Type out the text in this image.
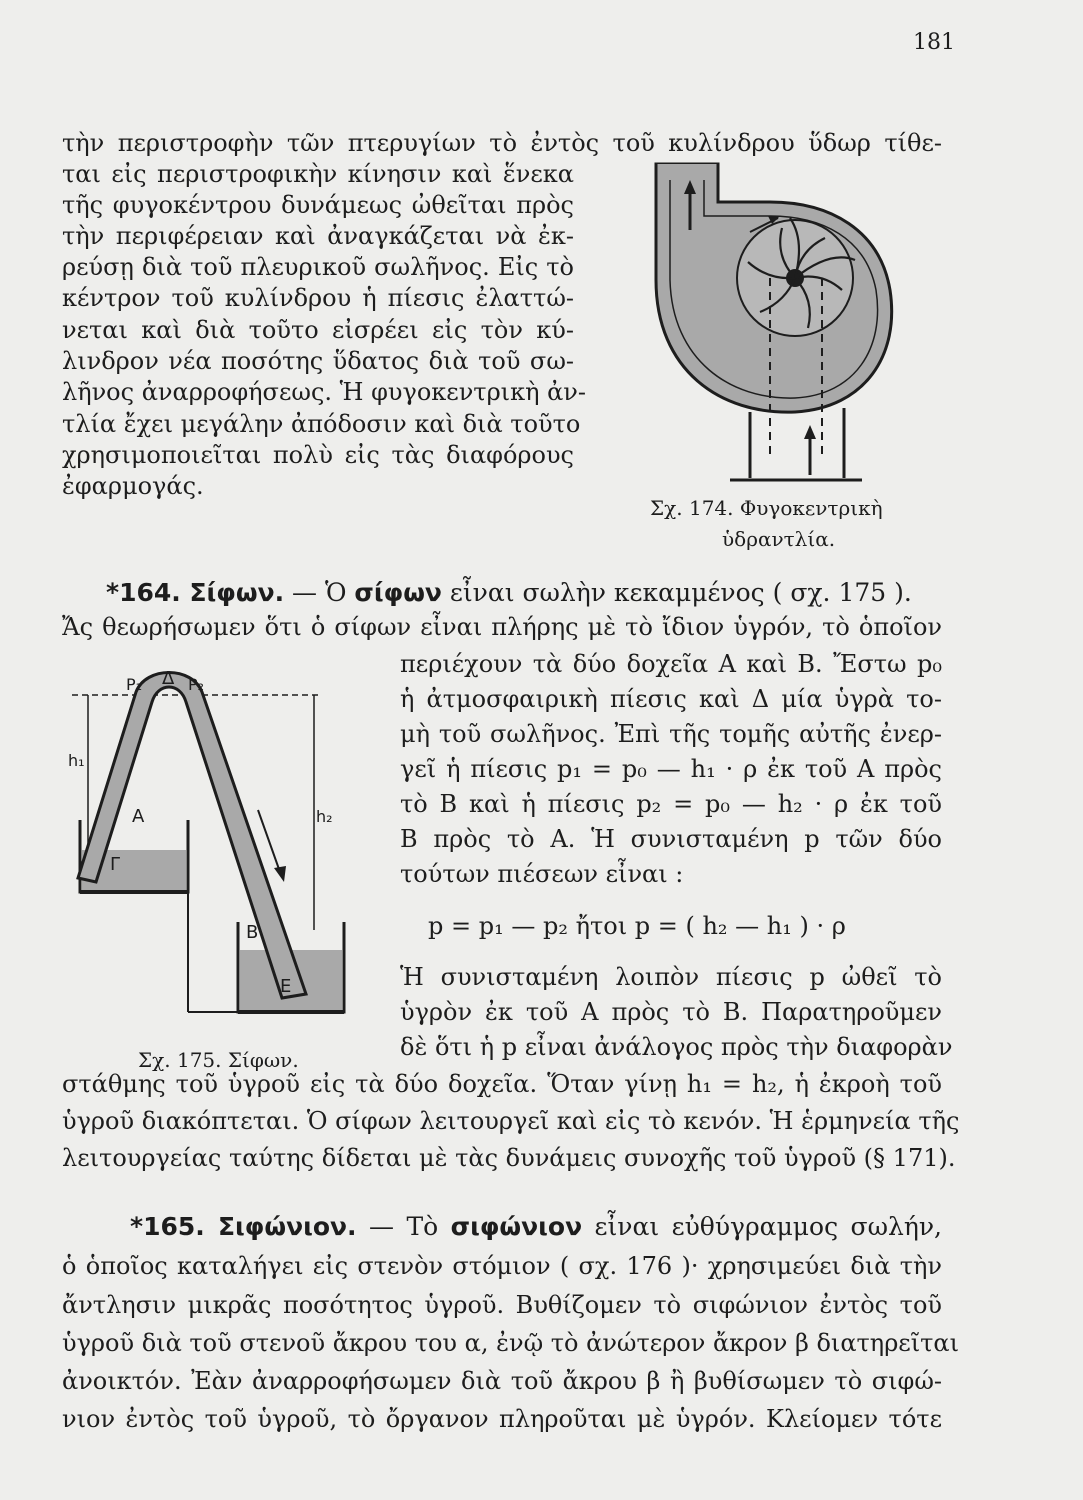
181
τὴν περιστροφὴν τῶν πτερυγίων τὸ ἐντὸς τοῦ κυλίνδρου ὕδωρ τίθε-
ται εἰς περιστροφικὴν κίνησιν καὶ ἕνεκα
τῆς φυγοκέντρου δυνάμεως ὠθεῖται πρὸς
τὴν περιφέρειαν καὶ ἀναγκάζεται νὰ ἐκ-
ρεύσῃ διὰ τοῦ πλευρικοῦ σωλῆνος. Εἰς τὸ
κέντρον τοῦ κυλίνδρου ἡ πίεσις ἐλαττώ-
νεται καὶ διὰ τοῦτο εἰσρέει εἰς τὸν κύ-
λινδρον νέα ποσότης ὕδατος διὰ τοῦ σω-
λῆνος ἀναρροφήσεως. Ἡ φυγοκεντρικὴ ἀν-
τλία ἔχει μεγάλην ἀπόδοσιν καὶ διὰ τοῦτο
χρησιμοποιεῖται πολὺ εἰς τὰς διαφόρους
ἐφαρμογάς.
Σχ. 174. Φυγοκεντρικὴ
ὑδραντλία.
*164. Σίφων. — Ὁ σίφων εἶναι σωλὴν κεκαμμένος ( σχ. 175 ).
Ἄς θεωρήσωμεν ὅτι ὁ σίφων εἶναι πλήρης μὲ τὸ ἴδιον ὑγρόν, τὸ ὁποῖον
περιέχουν τὰ δύο δοχεῖα Α καὶ Β. Ἔστω p₀
ἡ ἀτμοσφαιρικὴ πίεσις καὶ Δ μία ὑγρὰ το-
μὴ τοῦ σωλῆνος. Ἐπὶ τῆς τομῆς αὐτῆς ἐνερ-
γεῖ ἡ πίεσις p₁ = p₀ — h₁ · ρ ἐκ τοῦ Α πρὸς
τὸ Β καὶ ἡ πίεσις p₂ = p₀ — h₂ · ρ ἐκ τοῦ
Β πρὸς τὸ Α. Ἡ συνισταμένη p τῶν δύο
τούτων πιέσεων εἶναι :
p = p₁ — p₂ ἤτοι p = ( h₂ — h₁ ) · ρ
Ἡ συνισταμένη λοιπὸν πίεσις p ὠθεῖ τὸ
ὑγρὸν ἐκ τοῦ Α πρὸς τὸ Β. Παρατηροῦμεν
δὲ ὅτι ἡ p εἶναι ἀνάλογος πρὸς τὴν διαφορὰν
στάθμης τοῦ ὑγροῦ εἰς τὰ δύο δοχεῖα. Ὅταν γίνῃ h₁ = h₂, ἡ ἐκροὴ τοῦ
ὑγροῦ διακόπτεται. Ὁ σίφων λειτουργεῖ καὶ εἰς τὸ κενόν. Ἡ ἑρμηνεία τῆς
λειτουργείας ταύτης δίδεται μὲ τὰς δυνάμεις συνοχῆς τοῦ ὑγροῦ (§ 171).
P₁ Δ P₂
h₁
h₂
A
Γ
B
E
Σχ. 175. Σίφων.
*165. Σιφώνιον. — Τὸ σιφώνιον εἶναι εὐθύγραμμος σωλήν,
ὁ ὁποῖος καταλήγει εἰς στενὸν στόμιον ( σχ. 176 )· χρησιμεύει διὰ τὴν
ἄντλησιν μικρᾶς ποσότητος ὑγροῦ. Βυθίζομεν τὸ σιφώνιον ἐντὸς τοῦ
ὑγροῦ διὰ τοῦ στενοῦ ἄκρου του α, ἐνῷ τὸ ἀνώτερον ἄκρον β διατηρεῖται
ἀνοικτόν. Ἐὰν ἀναρροφήσωμεν διὰ τοῦ ἄκρου β ἢ βυθίσωμεν τὸ σιφώ-
νιον ἐντὸς τοῦ ὑγροῦ, τὸ ὄργανον πληροῦται μὲ ὑγρόν. Κλείομεν τότε
